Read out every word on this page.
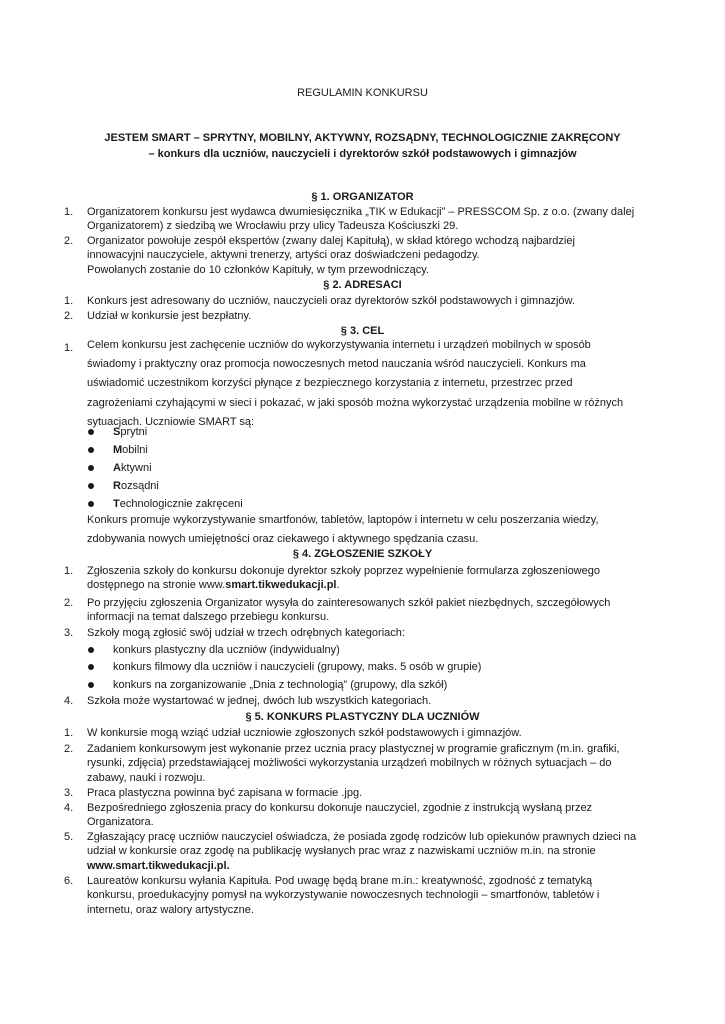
REGULAMIN KONKURSU
JESTEM SMART – SPRYTNY, MOBILNY, AKTYWNY, ROZSĄDNY, TECHNOLOGICZNIE ZAKRĘCONY
– konkurs dla uczniów, nauczycieli i dyrektorów szkół podstawowych i gimnazjów
§ 1. ORGANIZATOR
1.	Organizatorem konkursu jest wydawca dwumiesięcznika „TIK w Edukacji” – PRESSCOM Sp. z o.o. (zwany dalej
Organizatorem) z siedzibą we Wrocławiu przy ulicy Tadeusza Kościuszki 29.
2.	Organizator powołuje zespół ekspertów (zwany dalej Kapitułą), w skład którego wchodzą najbardziej
innowacyjni nauczyciele, aktywni trenerzy, artyści oraz doświadczeni pedagodzy.
Powołanych zostanie do 10 członków Kapituły, w tym przewodniczący.
§ 2. ADRESACI
1.	Konkurs jest adresowany do uczniów, nauczycieli oraz dyrektorów szkół podstawowych i gimnazjów.
2.	Udział w konkursie jest bezpłatny.
§ 3. CEL
1.	Celem konkursu jest zachęcenie uczniów do wykorzystywania internetu i urządzeń mobilnych w sposób
świadomy i praktyczny oraz promocja nowoczesnych metod nauczania wśród nauczycieli. Konkurs ma
uświadomić uczestnikom korzyści płynące z bezpiecznego korzystania z internetu, przestrzec przed
zagrożeniami czyhającymi w sieci i pokazać, w jaki sposób można wykorzystać urządzenia mobilne w różnych
sytuacjach. Uczniowie SMART są:
Sprytni
Mobilni
Aktywni
Rozsądni
Technologicznie zakręceni
Konkurs promuje wykorzystywanie smartfonów, tabletów, laptopów i internetu w celu poszerzania wiedzy,
zdobywania nowych umiejętności oraz ciekawego i aktywnego spędzania czasu.
§ 4. ZGŁOSZENIE SZKOŁY
1.	Zgłoszenia szkoły do konkursu dokonuje dyrektor szkoły poprzez wypełnienie formularza zgłoszeniowego
dostępnego na stronie www.smart.tikwedukacji.pl.
2.	Po przyjęciu zgłoszenia Organizator wysyła do zainteresowanych szkół pakiet niezbędnych, szczegółowych
informacji na temat dalszego przebiegu konkursu.
3.	Szkoły mogą zgłosić swój udział w trzech odrębnych kategoriach:
konkurs plastyczny dla uczniów (indywidualny)
konkurs filmowy dla uczniów i nauczycieli (grupowy, maks. 5 osób w grupie)
konkurs na zorganizowanie „Dnia z technologią” (grupowy, dla szkół)
4.	Szkoła może wystartować w jednej, dwóch lub wszystkich kategoriach.
§ 5. KONKURS PLASTYCZNY DLA UCZNIÓW
1.	W konkursie mogą wziąć udział uczniowie zgłoszonych szkół podstawowych i gimnazjów.
2.	Zadaniem konkursowym jest wykonanie przez ucznia pracy plastycznej w programie graficznym (m.in. grafiki,
rysunki, zdjęcia) przedstawiającej możliwości wykorzystania urządzeń mobilnych w różnych sytuacjach – do
zabawy, nauki i rozwoju.
3.	Praca plastyczna powinna być zapisana w formacie .jpg.
4.	Bezpośredniego zgłoszenia pracy do konkursu dokonuje nauczyciel, zgodnie z instrukcją wysłaną przez
Organizatora.
5.	Zgłaszający pracę uczniów nauczyciel oświadcza, że posiada zgodę rodziców lub opiekunów prawnych dzieci na
udział w konkursie oraz zgodę na publikację wysłanych prac wraz z nazwiskami uczniów m.in. na stronie
www.smart.tikwedukacji.pl.
6.	Laureatów konkursu wyłania Kapituła. Pod uwagę będą brane m.in.: kreatywność, zgodność z tematyką
konkursu, proedukacyjny pomysł na wykorzystywanie nowoczesnych technologii – smartfonów, tabletów i
internetu, oraz walory artystyczne.
